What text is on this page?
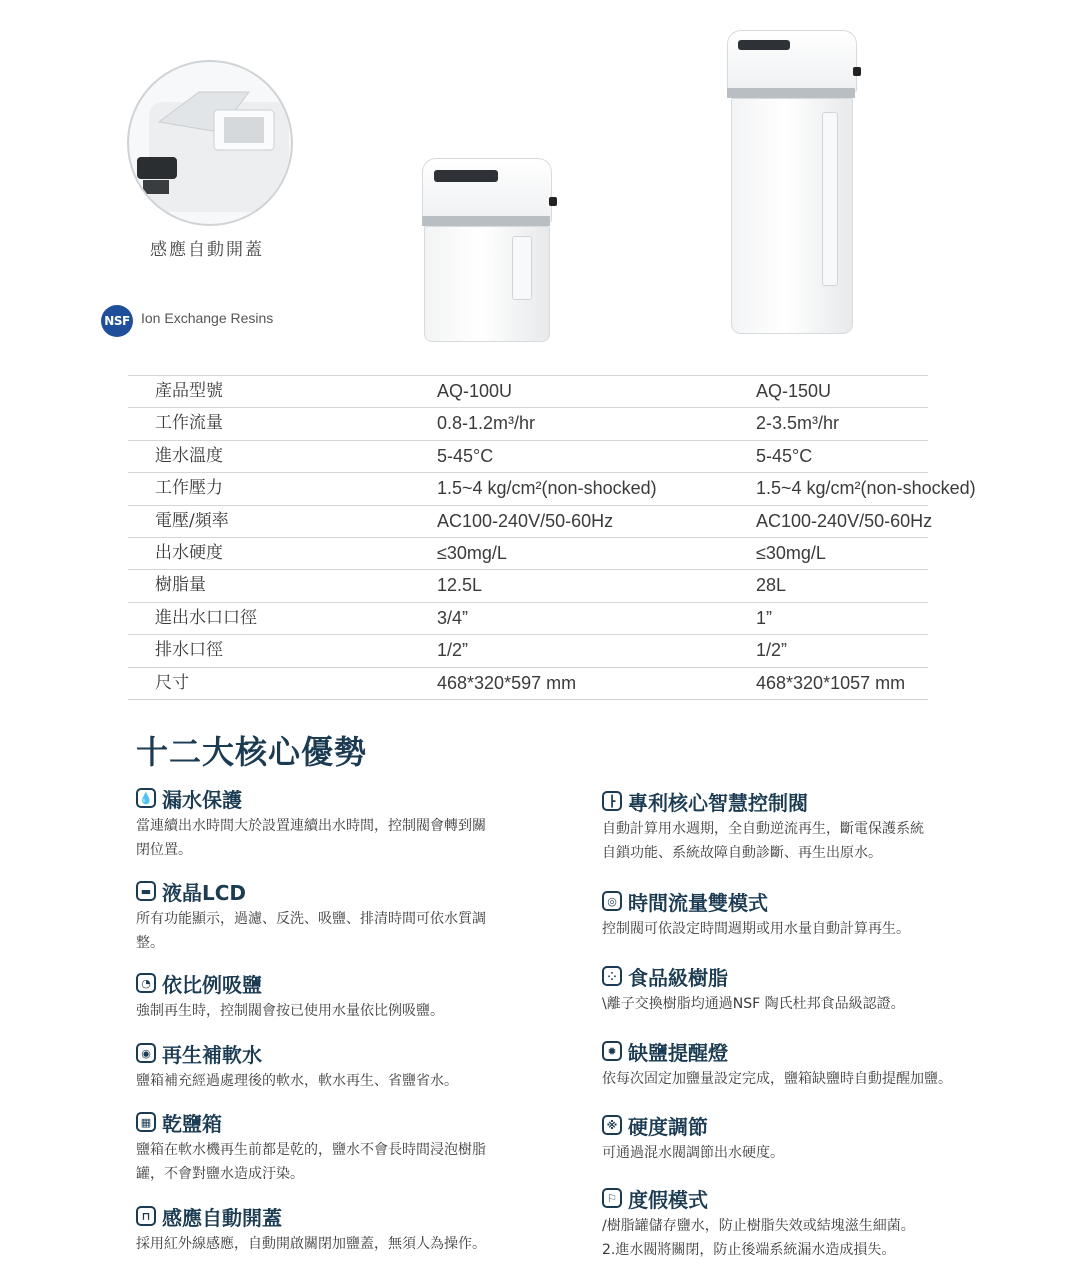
感應自動開蓋
NSF Ion Exchange Resins
產品型號	AQ-100U	AQ-150U
工作流量	0.8-1.2m³/hr	2-3.5m³/hr
進水溫度	5-45°C	5-45°C
工作壓力	1.5~4 kg/cm²(non-shocked)	1.5~4 kg/cm²(non-shocked)
電壓/頻率	AC100-240V/50-60Hz	AC100-240V/50-60Hz
出水硬度	≤30mg/L	≤30mg/L
樹脂量	12.5L	28L
進出水口口徑	3/4”	1”
排水口徑	1/2”	1/2”
尺寸	468*320*597 mm	468*320*1057 mm
十二大核心優勢
💧 漏水保護
當連續出水時間大於設置連續出水時間，控制閥會轉到關
閉位置。
▬ 液晶LCD
所有功能顯示，過濾、反洗、吸鹽、排清時間可依水質調
整。
◔ 依比例吸鹽
強制再生時，控制閥會按已使用水量依比例吸鹽。
◉ 再生補軟水
鹽箱補充經過處理後的軟水，軟水再生、省鹽省水。
▦ 乾鹽箱
鹽箱在軟水機再生前都是乾的，鹽水不會長時間浸泡樹脂
罐，不會對鹽水造成汙染。
⊓ 感應自動開蓋
採用紅外線感應，自動開啟關閉加鹽蓋，無須人為操作。
┣ 專利核心智慧控制閥
自動計算用水週期，全自動逆流再生，斷電保護系統
自鎖功能、系統故障自動診斷、再生出原水。
◎ 時間流量雙模式
控制閥可依設定時間週期或用水量自動計算再生。
⁘ 食品級樹脂
\離子交換樹脂均通過NSF 陶氏杜邦食品級認證。
✹ 缺鹽提醒燈
依每次固定加鹽量設定完成，鹽箱缺鹽時自動提醒加鹽。
※ 硬度調節
可通過混水閥調節出水硬度。
⚐ 度假模式
/樹脂罐儲存鹽水，防止樹脂失效或結塊滋生細菌。
2.進水閥將關閉，防止後端系統漏水造成損失。
